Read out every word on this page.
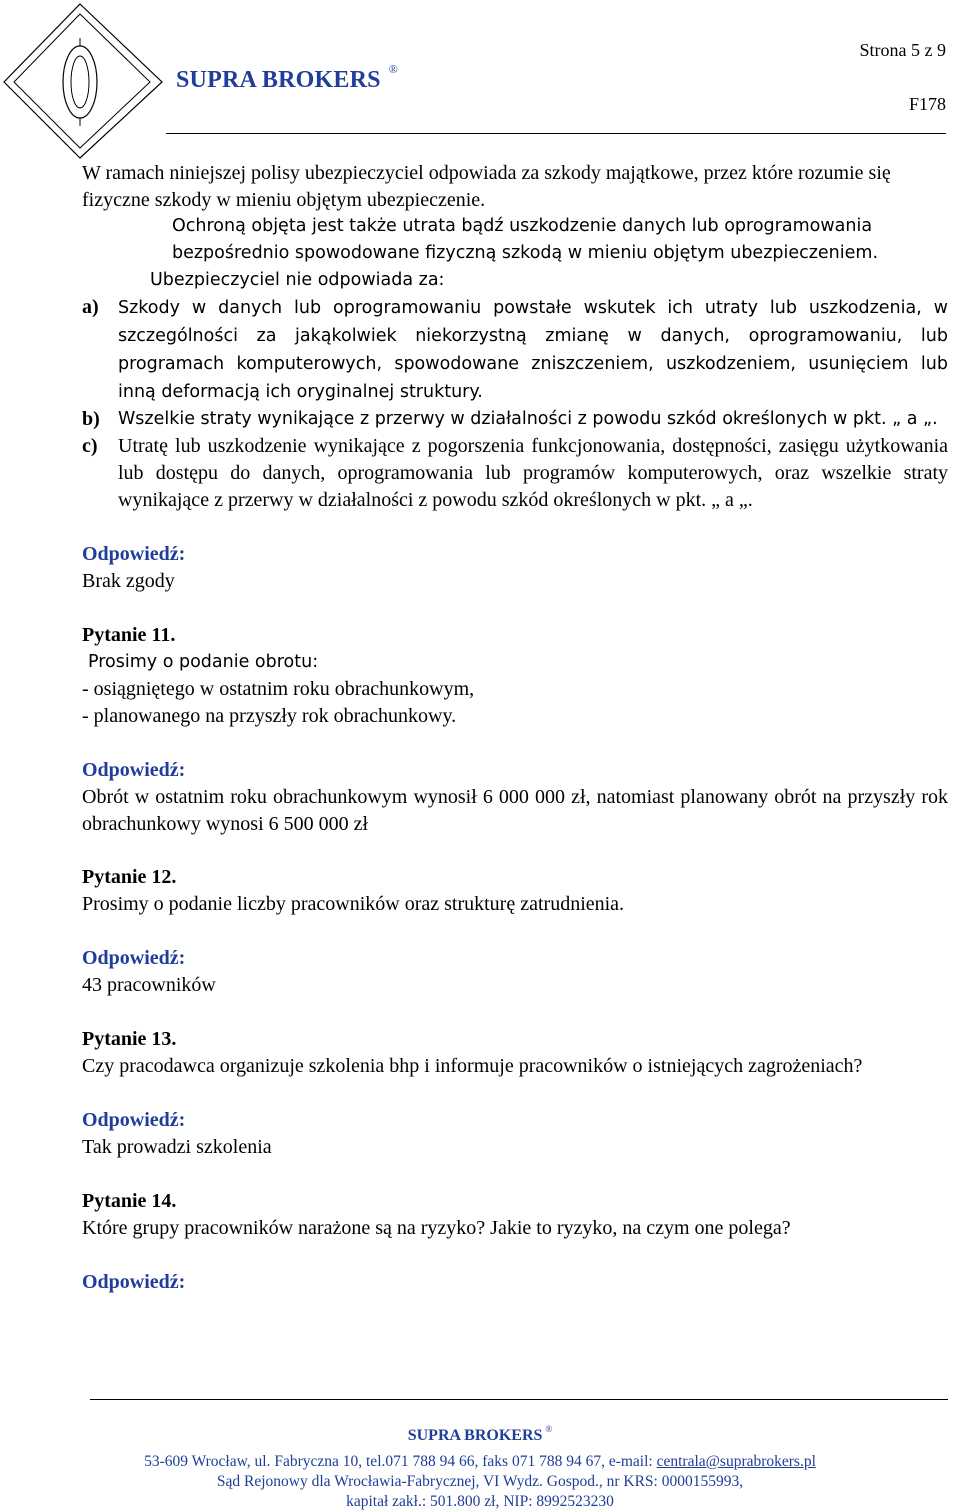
SUPRA BROKERS ®
Strona 5 z 9
F178

W ramach niniejszej polisy ubezpieczyciel odpowiada za szkody majątkowe, przez które rozumie się fizyczne szkody w mieniu objętym ubezpieczenie.

Ochroną objęta jest także utrata bądź uszkodzenie danych lub oprogramowania bezpośrednio spowodowane fizyczną szkodą w mieniu objętym ubezpieczeniem.

Ubezpieczyciel nie odpowiada za:

a) Szkody w danych lub oprogramowaniu powstałe wskutek ich utraty lub uszkodzenia, w szczególności za jakąkolwiek niekorzystną zmianę w danych, oprogramowaniu, lub programach komputerowych, spowodowane zniszczeniem, uszkodzeniem, usunięciem lub inną deformacją ich oryginalnej struktury.
b) Wszelkie straty wynikające z przerwy w działalności z powodu szkód określonych w pkt. „ a „.
c) Utratę lub uszkodzenie wynikające z pogorszenia funkcjonowania, dostępności, zasięgu użytkowania lub dostępu do danych, oprogramowania lub programów komputerowych, oraz wszelkie straty wynikające z przerwy w działalności z powodu szkód określonych w pkt. „ a „.

Odpowiedź:

Brak zgody

Pytanie 11.

Prosimy o podanie obrotu:

- osiągniętego w ostatnim roku obrachunkowym,

- planowanego na przyszły rok obrachunkowy.

Odpowiedź:

Obrót w ostatnim roku obrachunkowym wynosił 6 000 000 zł, natomiast planowany obrót na przyszły rok obrachunkowy wynosi 6 500 000 zł

Pytanie 12.

Prosimy o podanie liczby pracowników oraz strukturę zatrudnienia.

Odpowiedź:

43 pracowników

Pytanie 13.

Czy pracodawca organizuje szkolenia bhp i informuje pracowników o istniejących zagrożeniach?

Odpowiedź:

Tak prowadzi szkolenia

Pytanie 14.

Które grupy pracowników narażone są na ryzyko? Jakie to ryzyko, na czym one polega?

Odpowiedź:

SUPRA BROKERS ®

53-609 Wrocław, ul. Fabryczna 10, tel.071 788 94 66, faks 071 788 94 67, e-mail: centrala@suprabrokers.pl

Sąd Rejonowy dla Wrocławia-Fabrycznej, VI Wydz. Gospod., nr KRS: 0000155993,

kapitał zakł.: 501.800 zł, NIP: 8992523230
